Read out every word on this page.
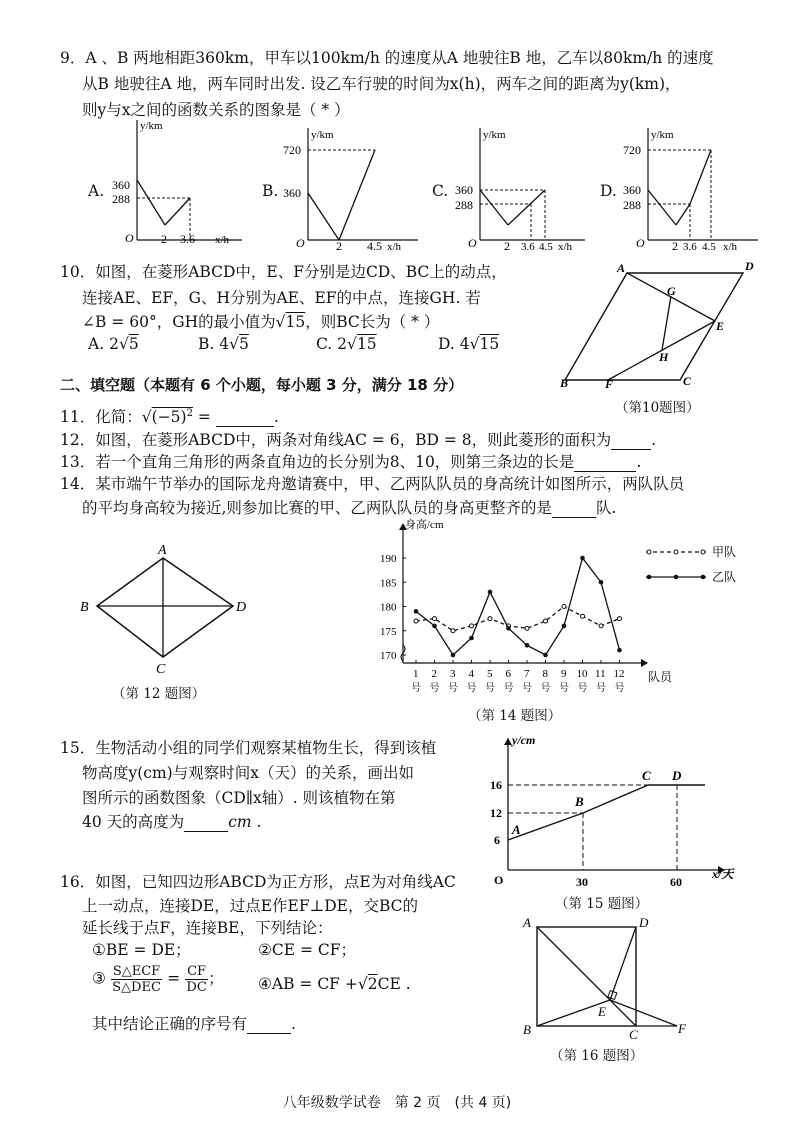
9．A 、B 两地相距360km，甲车以100km/h 的速度从A 地驶往B 地，乙车以80km/h 的速度
从B 地驶往A 地，两车同时出发. 设乙车行驶的时间为x(h)，两车之间的距离为y(km)，
则y与x之间的函数关系的图象是（ * ）
A.
y/km
360
288
O 2 3.6 x/h
B.
y/km
720
360
O	2 4.5 x/h
C.
y/km
360
288
O 2 3.6 4.5 x/h
D.
y/km
720
360
288
O 2 3.6 4.5 x/h
10．如图，在菱形ABCD中，E、F分别是边CD、BC上的动点，
连接AE、EF，G、H分别为AE、EF的中点，连接GH. 若
∠B = 60°，GH的最小值为√15，则BC长为（ * ）
A. 2√5	B. 4√5	C. 2√15	D. 4√15
A	D
G
E
H
B	F	C
（第10题图）
二、填空题（本题有 6 个小题，每小题 3 分，满分 18 分）
11．化简：$√(-5)^2$ =	.
12．如图，在菱形ABCD中，两条对角线AC = 6，BD = 8，则此菱形的面积为	.
13．若一个直角三角形的两条直角边的长分别为8、10，则第三条边的长是	.
14．某市端午节举办的国际龙舟邀请赛中，甲、乙两队队员的身高统计如图所示，两队队员
的平均身高较为接近,则参加比赛的甲、乙两队队员的身高更整齐的是	队.
A
B
C
D
（第 12 题图）
身高/cm
队员
170
175
180
185
190
1
号
2
号
3
号
4
号
5
号
6
号
7
号
8
号
9
号
10
号
11
号
12
号
甲队
乙队
（第 14 题图）
15．生物活动小组的同学们观察某植物生长，得到该植
物高度y(cm)与观察时间x（天）的关系，画出如
图所示的函数图象（CD∥x轴）. 则该植物在第
40 天的高度为	cm .
y/cm
x/天
16
12
6
O	30	60
A
B
C D
（第 15 题图）
16．如图，已知四边形ABCD为正方形，点E为对角线AC
上一动点，连接DE，过点E作EF⊥DE，交BC的
延长线于点F，连接BE，下列结论：
①BE = DE；	②CE = CF；
③ $\frac{\text{S△ECF}}{\text{S△DEC}} = \frac{CF}{DC}$ ； ④AB = CF +√2CE .
其中结论正确的序号有	.
A	D
E
B	C	F
（第 16 题图）
八年级数学试卷　第 2 页　(共 4 页)
